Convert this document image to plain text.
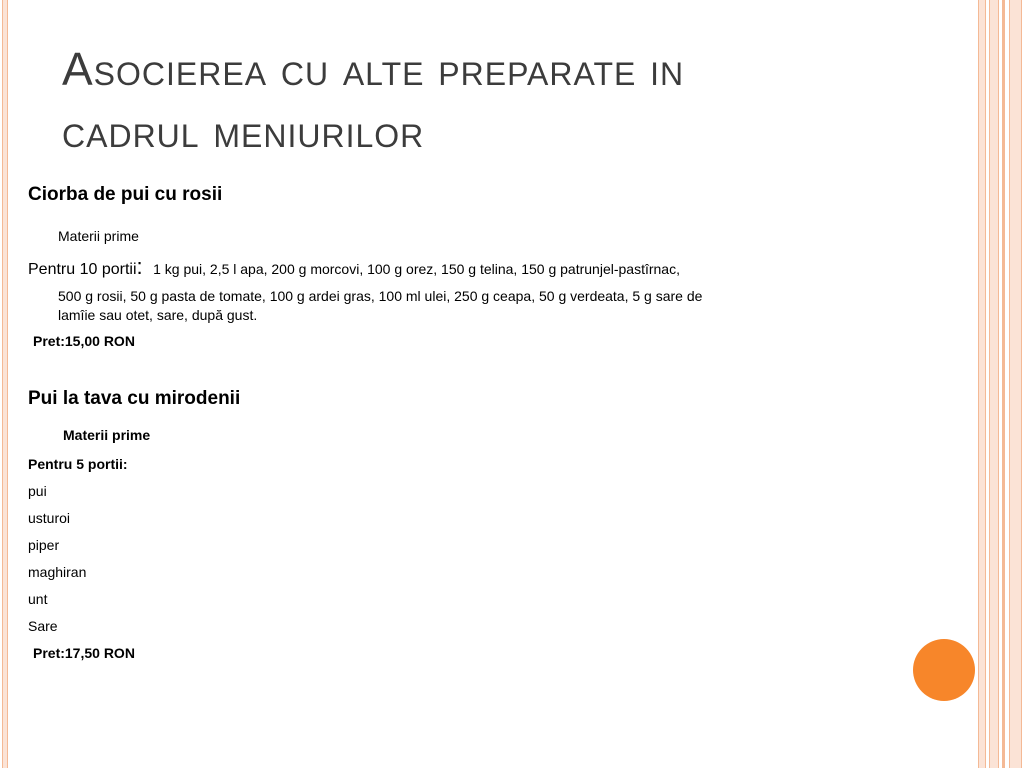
Asocierea cu alte preparate in
cadrul meniurilor
Ciorba de pui cu rosii
Materii prime
Pentru 10 portii: 1 kg pui, 2,5 l apa, 200 g morcovi, 100 g orez, 150 g telina, 150 g patrunjel-pastîrnac,
500 g rosii, 50 g pasta de tomate, 100 g ardei gras, 100 ml ulei, 250 g ceapa, 50 g verdeata, 5 g sare de
lamîie sau otet, sare, după gust.
Pret:15,00 RON
Pui la tava cu mirodenii
Materii prime
Pentru 5 portii:
pui
usturoi
piper
maghiran
unt
Sare
Pret:17,50 RON
